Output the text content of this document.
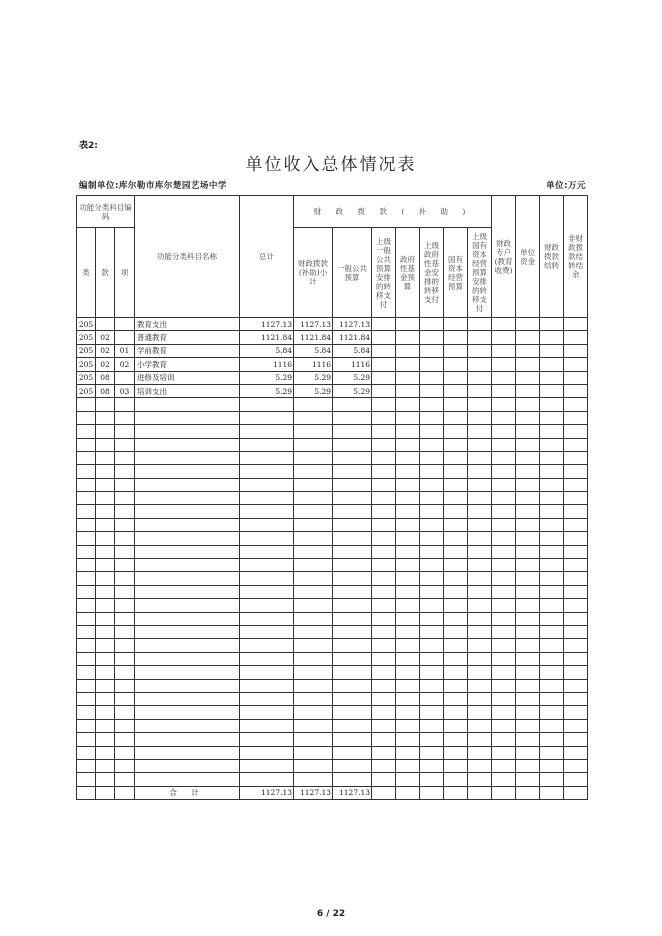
表2:
单位收入总体情况表
编制单位:库尔勒市库尔楚园艺场中学	单位:万元
功能分类科目编码			功能分类科目名称	总计	财 政 拨 款 ( 补 助 )							财政专户(教育收费)	单位资金	财政拨款结转	非财政拨款结转结余
类	款	项			财政拨款(补助)小计	一般公共预算	上级一般公共预算安排的转移支付	政府性基金预算	上级政府性基金安排的转移支付	国有资本经营预算	上级国有资本经营预算安排的转移支付				
205			教育支出	1127.13	1127.13	1127.13									
205	02		普通教育	1121.84	1121.84	1121.84									
205	02	01	学前教育	5.84	5.84	5.84									
205	02	02	小学教育	1116	1116	1116									
205	08		进修及培训	5.29	5.29	5.29									
205	08	03	培训支出	5.29	5.29	5.29									

			合 计	1127.13	1127.13	1127.13									
6 / 22
